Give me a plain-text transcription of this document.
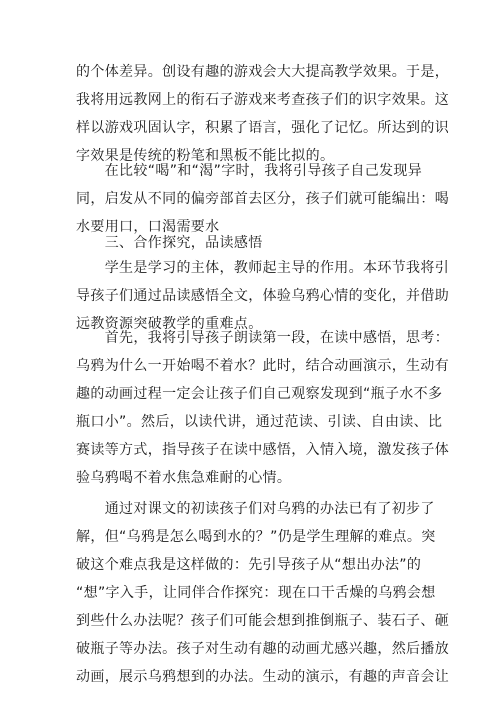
的个体差异。创设有趣的游戏会大大提高教学效果。于是，
我将用远教网上的衔石子游戏来考查孩子们的识字效果。这
样以游戏巩固认字，积累了语言，强化了记忆。所达到的识
字效果是传统的粉笔和黑板不能比拟的。
　　在比较“喝”和“渴”字时，我将引导孩子自己发现异
同，启发从不同的偏旁部首去区分，孩子们就可能编出：喝
水要用口，口渴需要水
　　三、合作探究，品读感悟
　　学生是学习的主体，教师起主导的作用。本环节我将引
导孩子们通过品读感悟全文，体验乌鸦心情的变化，并借助
远教资源突破教学的重难点。
　　首先，我将引导孩子朗读第一段，在读中感悟，思考：
乌鸦为什么一开始喝不着水？此时，结合动画演示，生动有
趣的动画过程一定会让孩子们自己观察发现到“瓶子水不多
瓶口小”。然后，以读代讲，通过范读、引读、自由读、比
赛读等方式，指导孩子在读中感悟，入情入境，激发孩子体
验乌鸦喝不着水焦急难耐的心情。
　　通过对课文的初读孩子们对乌鸦的办法已有了初步了
解，但“乌鸦是怎么喝到水的？”仍是学生理解的难点。突
破这个难点我是这样做的：先引导孩子从“想出办法”的
“想”字入手，让同伴合作探究：现在口干舌燥的乌鸦会想
到些什么办法呢？孩子们可能会想到推倒瓶子、装石子、砸
破瓶子等办法。孩子对生动有趣的动画尤感兴趣，然后播放
动画，展示乌鸦想到的办法。生动的演示，有趣的声音会让
